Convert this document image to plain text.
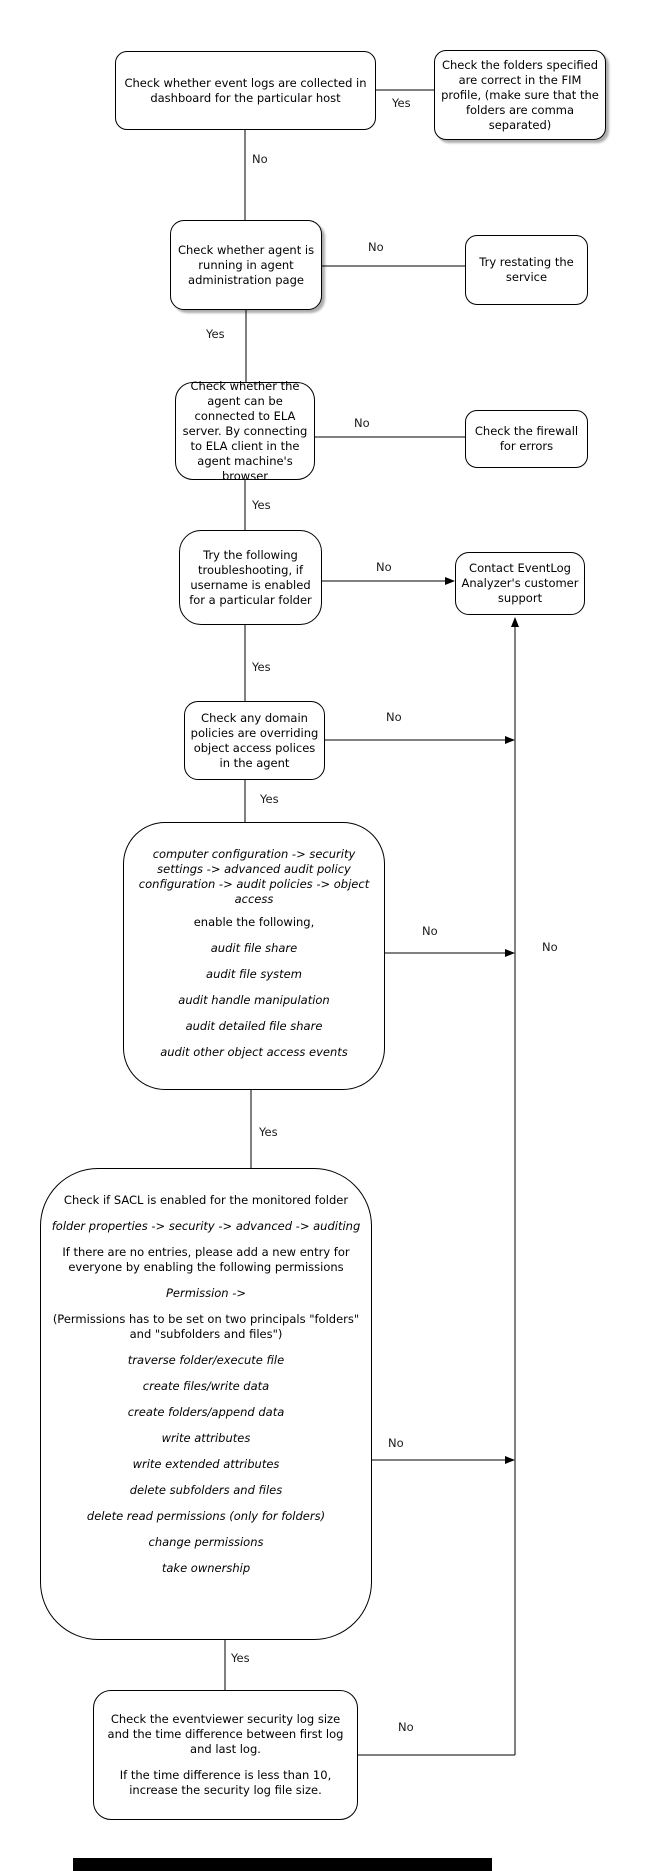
Check whether event logs are collected in dashboard for the particular host
Check the folders specified are correct in the FIM profile, (make sure that the folders are comma separated)
Check whether agent is running in agent administration page
Try restating the service
Check whether the agent can be connected to ELA server. By connecting to ELA client in the agent machine's browser
Check the firewall for errors
Try the following troubleshooting, if username is enabled for a particular folder
Contact EventLog Analyzer's customer support
Check any domain policies are overriding object access polices in the agent

computer configuration -> security settings -> advanced audit policy configuration -> audit policies -> object access

enable the following,

audit file share

audit file system

audit handle manipulation

audit detailed file share

audit other object access events

Check if SACL is enabled for the monitored folder

folder properties -> security -> advanced -> auditing

If there are no entries, please add a new entry for everyone by enabling the following permissions

Permission ->

(Permissions has to be set on two principals "folders" and "subfolders and files")

traverse folder/execute file

create files/write data

create folders/append data

write attributes

write extended attributes

delete subfolders and files

delete read permissions (only for folders)

change permissions

take ownership

Check the eventviewer security log size and the time difference between first log and last log.

If the time difference is less than 10, increase the security log file size.

Yes
No
No
Yes
No
Yes
No
Yes
No
Yes
No
No
Yes
No
Yes
No
